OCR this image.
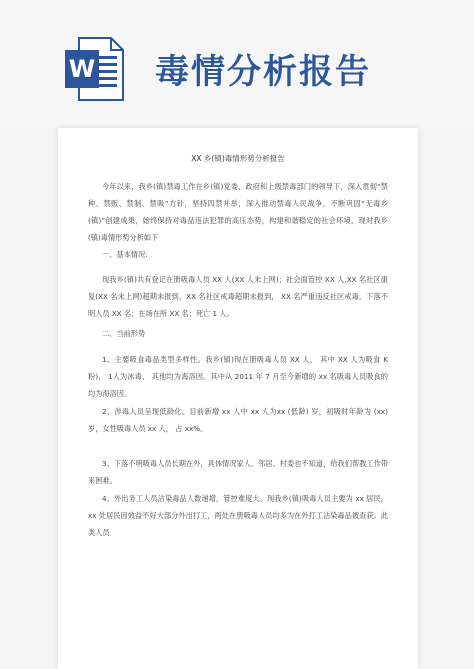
W 毒情分析报告
XX 乡(镇)毒情形势分析报告
今年以来，我乡(镇)禁毒工作在乡(镇)党委、政府和上级禁毒部门的领导下，深入贯彻“禁种、禁贩、禁制、禁吸”方针，坚持四禁并举，深入推动禁毒人民战争，不断巩固“无毒乡(镇)”创建成果，始终保持对毒品违法犯罪的高压态势，构建和谐稳定的社会环境，现对我乡(镇)毒情形势分析如下
一、基本情况:
现我乡(镇)共有登记在册吸毒人员 XX 人(XX 人未上网)；社会面管控 XX 人,XX 名社区康复(XX 名未上网)超期未报到。XX 名社区戒毒超期未报到， XX 名严重违反社区戒毒，下落不明人员 XX 名；在场在所 XX 名；死亡 1 人。
二、当前形势
1、主要吸食毒品类型多样性。我乡(镇)现在册吸毒人员 XX 人， 其中 XX 人为吸食 K 粉)， 1人为冰毒， 其他均为海洛因。其中从 2011 年 7 月至今新增的 xx 名吸毒人员吸食的均为海洛因。
2、涉毒人员呈现低龄化。目前新增 xx 人中 xx 人为xx (低龄) 岁，初吸时年龄为 (xx) 岁，女性吸毒人员 xx 人， 占 xx%。
3、下落不明吸毒人员长期在外，具体情况家人、邻居、村委也不知道，给我们帮教工作带来困难。
4、外出务工人员沾染毒品人数递增，管控难度大。现我乡(镇)吸毒人员主要为 xx 居民，xx 处居民因效益不好大部分外出打工，两处在册吸毒人员均多为在外打工沾染毒品被查获。此类人员
